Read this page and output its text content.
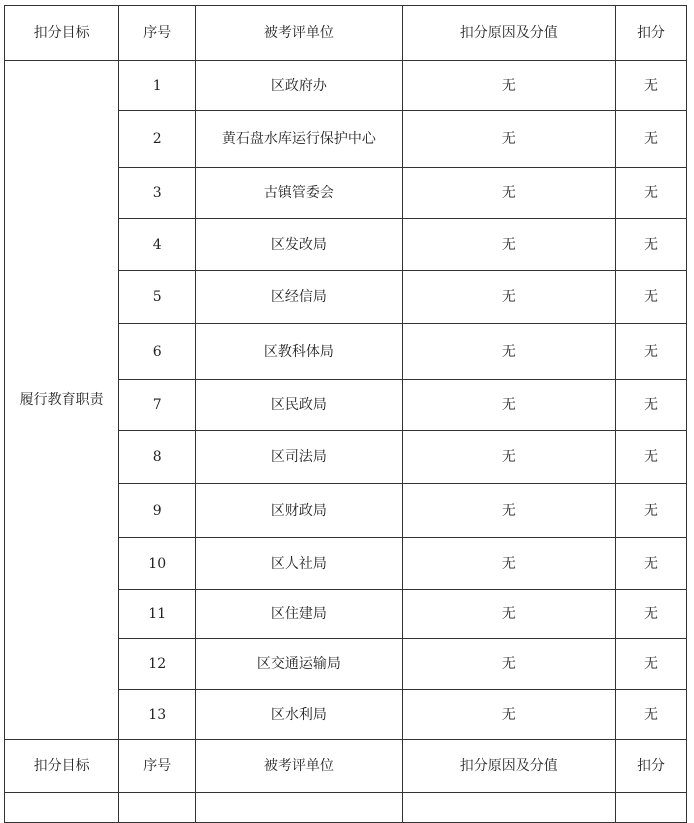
扣分目标	序号	被考评单位	扣分原因及分值	扣分
履行教育职责	1	区政府办	无	无
	2	黄石盘水库运行保护中心	无	无
	3	古镇管委会	无	无
	4	区发改局	无	无
	5	区经信局	无	无
	6	区教科体局	无	无
	7	区民政局	无	无
	8	区司法局	无	无
	9	区财政局	无	无
	10	区人社局	无	无
	11	区住建局	无	无
	12	区交通运输局	无	无
	13	区水利局	无	无
扣分目标	序号	被考评单位	扣分原因及分值	扣分
